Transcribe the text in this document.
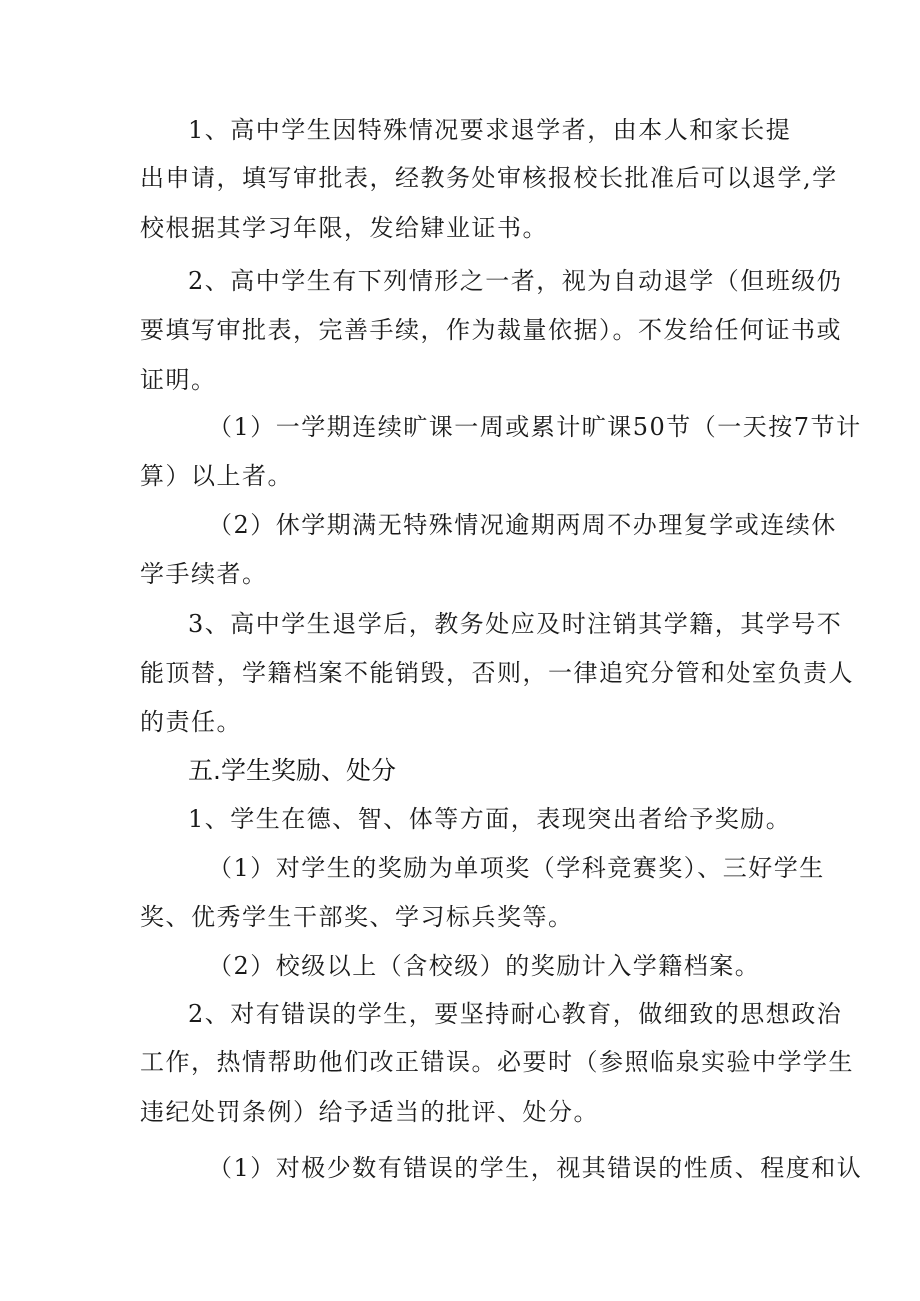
1、高中学生因特殊情况要求退学者，由本人和家长提
出申请，填写审批表，经教务处审核报校长批准后可以退学,学
校根据其学习年限，发给肄业证书。
2、高中学生有下列情形之一者，视为自动退学（但班级仍
要填写审批表，完善手续，作为裁量依据）。不发给任何证书或
证明。
（1）一学期连续旷课一周或累计旷课50节（一天按7节计
算）以上者。
（2）休学期满无特殊情况逾期两周不办理复学或连续休
学手续者。
3、高中学生退学后，教务处应及时注销其学籍，其学号不
能顶替，学籍档案不能销毁，否则，一律追究分管和处室负责人
的责任。
五.学生奖励、处分
1、学生在德、智、体等方面，表现突出者给予奖励。
（1）对学生的奖励为单项奖（学科竞赛奖）、三好学生
奖、优秀学生干部奖、学习标兵奖等。
（2）校级以上（含校级）的奖励计入学籍档案。
2、对有错误的学生，要坚持耐心教育，做细致的思想政治
工作，热情帮助他们改正错误。必要时（参照临泉实验中学学生
违纪处罚条例）给予适当的批评、处分。
（1）对极少数有错误的学生，视其错误的性质、程度和认
